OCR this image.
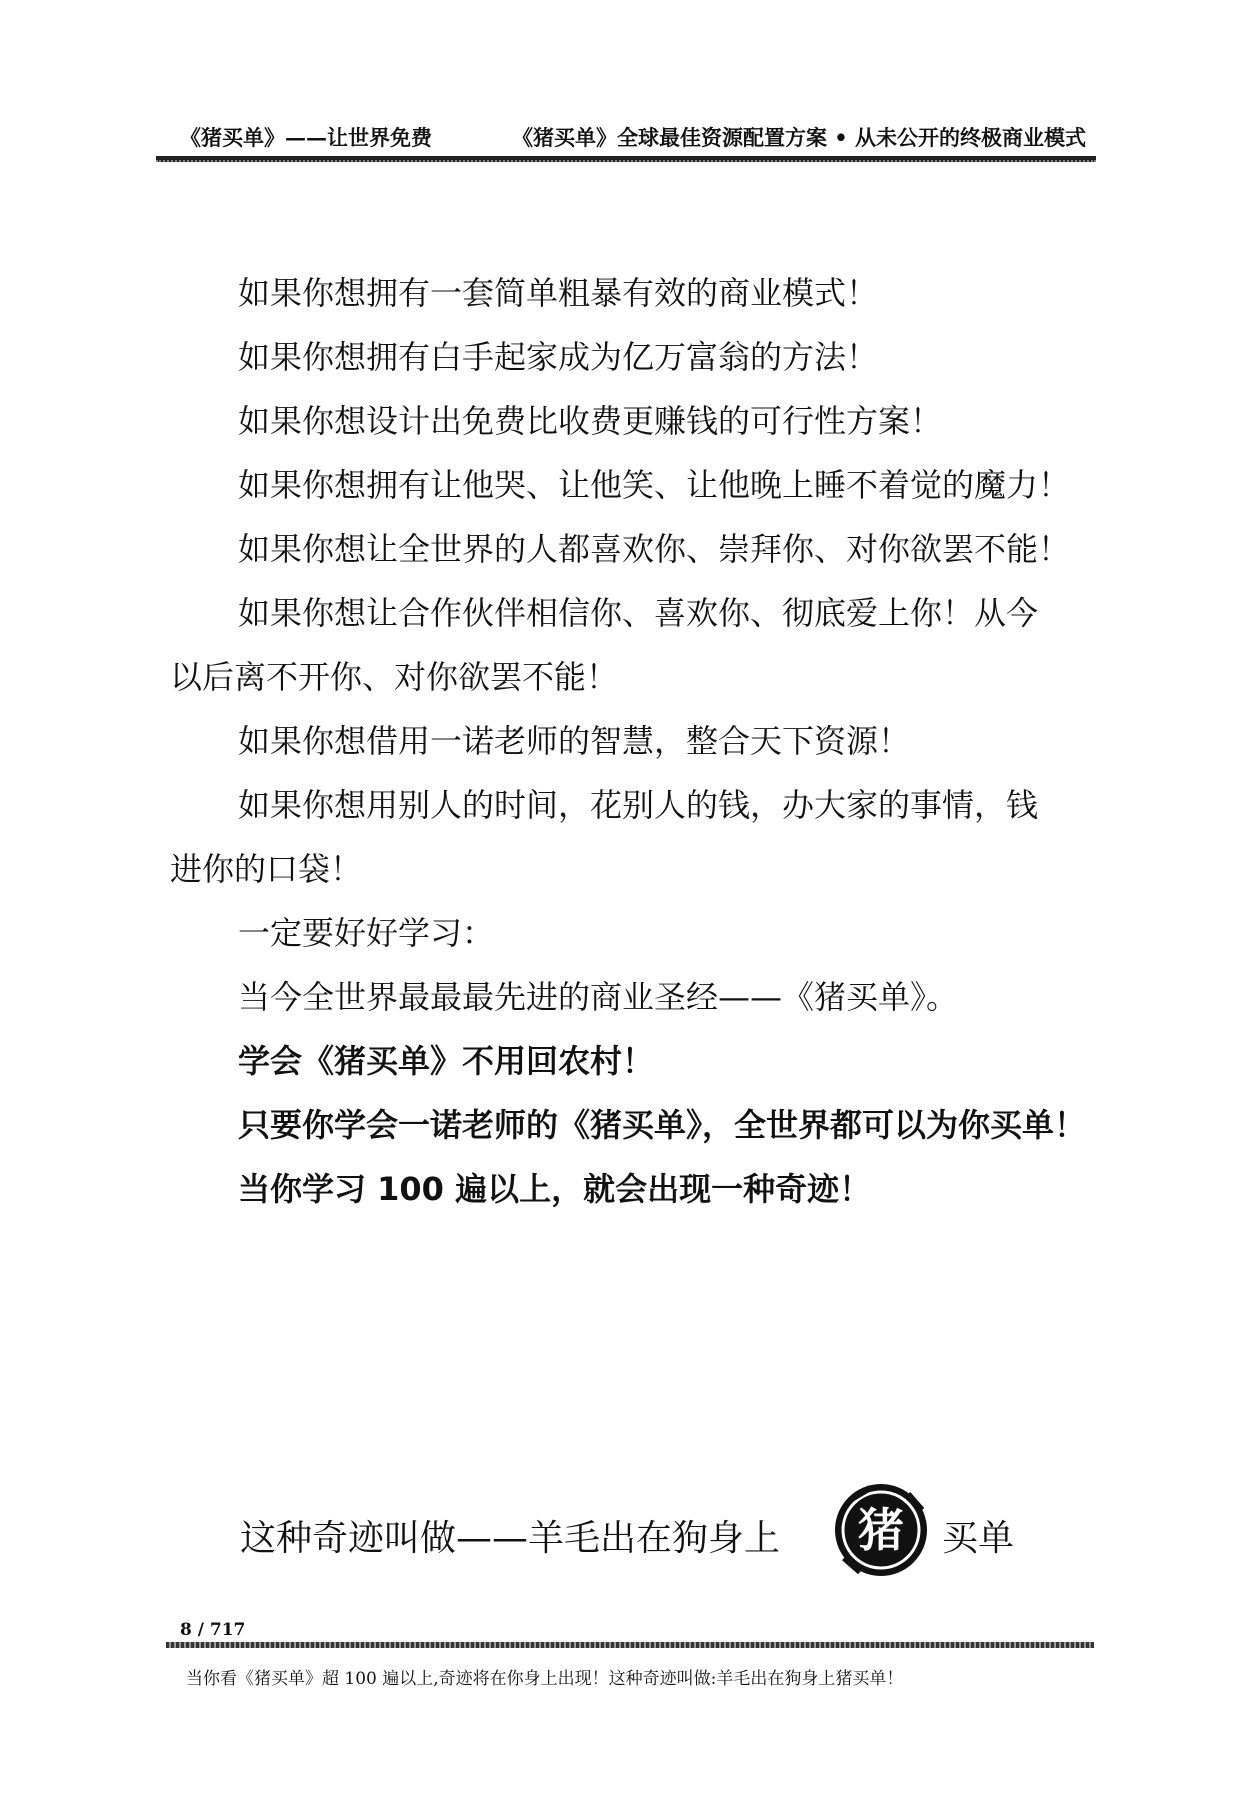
《猪买单》——让世界免费	《猪买单》全球最佳资源配置方案 • 从未公开的终极商业模式
如果你想拥有一套简单粗暴有效的商业模式！
如果你想拥有白手起家成为亿万富翁的方法！
如果你想设计出免费比收费更赚钱的可行性方案！
如果你想拥有让他哭、让他笑、让他晚上睡不着觉的魔力！
如果你想让全世界的人都喜欢你、崇拜你、对你欲罢不能！
如果你想让合作伙伴相信你、喜欢你、彻底爱上你！从今
以后离不开你、对你欲罢不能！
如果你想借用一诺老师的智慧，整合天下资源！
如果你想用别人的时间，花别人的钱，办大家的事情，钱
进你的口袋！
一定要好好学习：
当今全世界最最最先进的商业圣经——《猪买单》。
学会《猪买单》不用回农村！
只要你学会一诺老师的《猪买单》，全世界都可以为你买单！
当你学习 100 遍以上，就会出现一种奇迹！
这种奇迹叫做——羊毛出在狗身上 猪 买单
8 / 717
当你看《猪买单》超 100 遍以上,奇迹将在你身上出现！这种奇迹叫做:羊毛出在狗身上猪买单！
